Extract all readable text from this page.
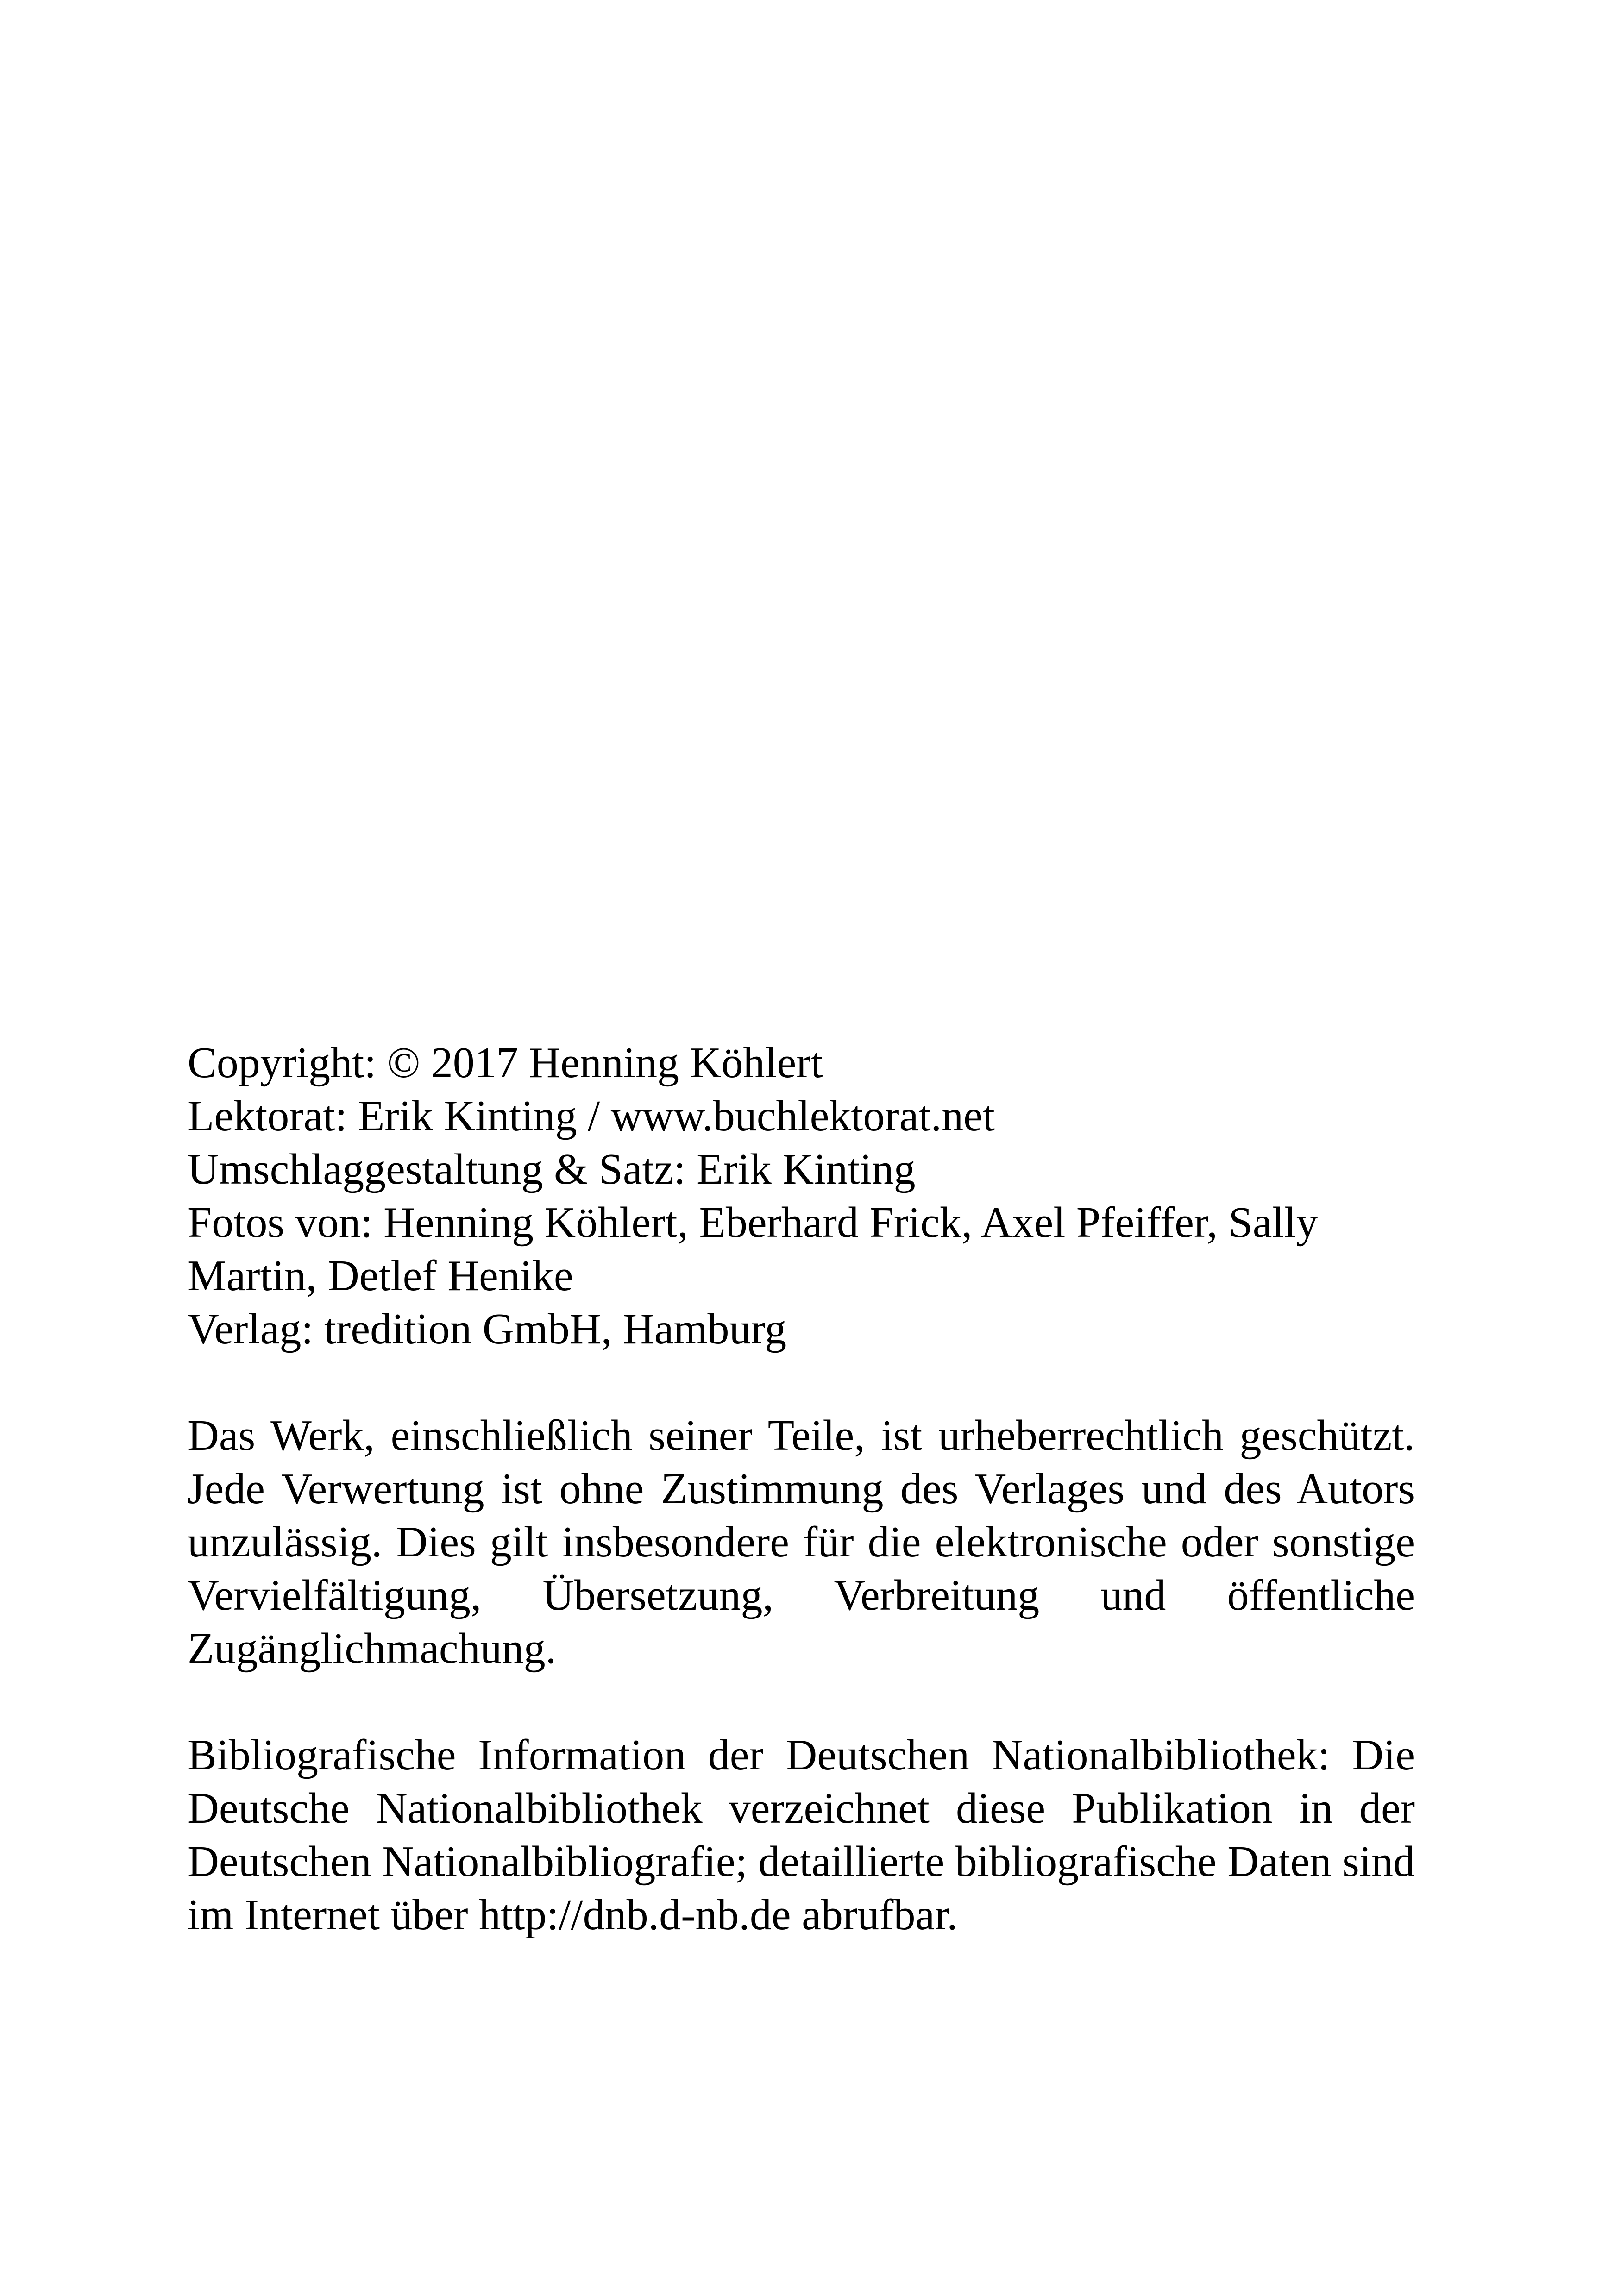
Copyright: © 2017 Henning Köhlert
Lektorat: Erik Kinting / www.buchlektorat.net
Umschlaggestaltung & Satz: Erik Kinting
Fotos von: Henning Köhlert, Eberhard Frick, Axel Pfeiffer, Sally Martin, Detlef Henike
Verlag: tredition GmbH, Hamburg
Das Werk, einschließlich seiner Teile, ist urheberrechtlich geschützt. Jede Verwertung ist ohne Zustimmung des Verlages und des Autors unzulässig. Dies gilt insbesondere für die elektronische oder sonstige Vervielfältigung, Übersetzung, Verbreitung und öffentliche Zugänglichmachung.
Bibliografische Information der Deutschen Nationalbibliothek: Die Deutsche Nationalbibliothek verzeichnet diese Publikation in der Deutschen Nationalbibliografie; detaillierte bibliografische Daten sind im Internet über http://dnb.d-nb.de abrufbar.
